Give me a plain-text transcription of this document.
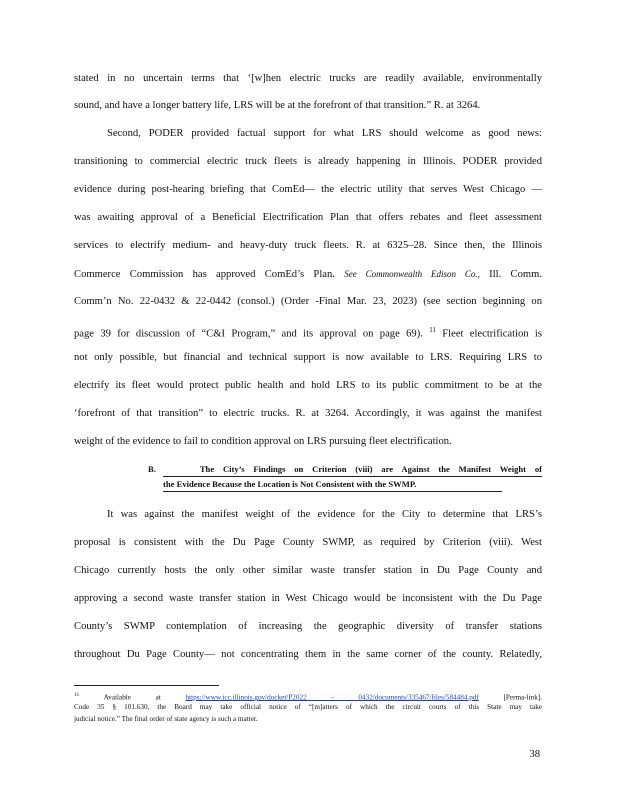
stated in no uncertain terms that ‘[w]hen electric trucks are readily available, environmentally
sound, and have a longer battery life, LRS will be at the forefront of that transition.” R. at 3264.
Second, PODER provided factual support for what LRS should welcome as good news:
transitioning to commercial electric truck fleets is already happening in Illinois. PODER provided
evidence during post-hearing briefing that ComEd— the electric utility that serves West Chicago —
was awaiting approval of a Beneficial Electrification Plan that offers rebates and fleet assessment
services to electrify medium- and heavy-duty truck fleets. R. at 6325–28. Since then, the Illinois
Commerce Commission has approved ComEd’s Plan. See Commonwealth Edison Co., Ill. Comm.
Comm’n No. 22-0432 & 22-0442 (consol.) (Order -Final Mar. 23, 2023) (see section beginning on
page 39 for discussion of “C&I Program,” and its approval on page 69). $^{11}$ Fleet electrification is
not only possible, but financial and technical support is now available to LRS. Requiring LRS to
electrify its fleet would protect public health and hold LRS to its public commitment to be at the
‘forefront of that transition” to electric trucks. R. at 3264. Accordingly, it was against the manifest
weight of the evidence to fail to condition approval on LRS pursuing fleet electrification.
B.	The City’s Findings on Criterion (viii) are Against the Manifest Weight of
the Evidence Because the Location is Not Consistent with the SWMP.
It was against the manifest weight of the evidence for the City to determine that LRS’s
proposal is consistent with the Du Page County SWMP, as required by Criterion (viii). West
Chicago currently hosts the only other similar waste transfer station in Du Page County and
approving a second waste transfer station in West Chicago would be inconsistent with the Du Page
County’s SWMP contemplation of increasing the geographic diversity of transfer stations
throughout Du Page County— not concentrating them in the same corner of the county. Relatedly,
$^{11}$	Available at	https://www.icc.illinois.gov/docket/P2022 - 0432/documents/335467/files/584484.pdf	[Perma-link].
Code 35 § 101.630, the Board may take official notice of “[m]atters of which the circuit courts of this State may take
judicial notice.” The final order of state agency is such a matter.
38
